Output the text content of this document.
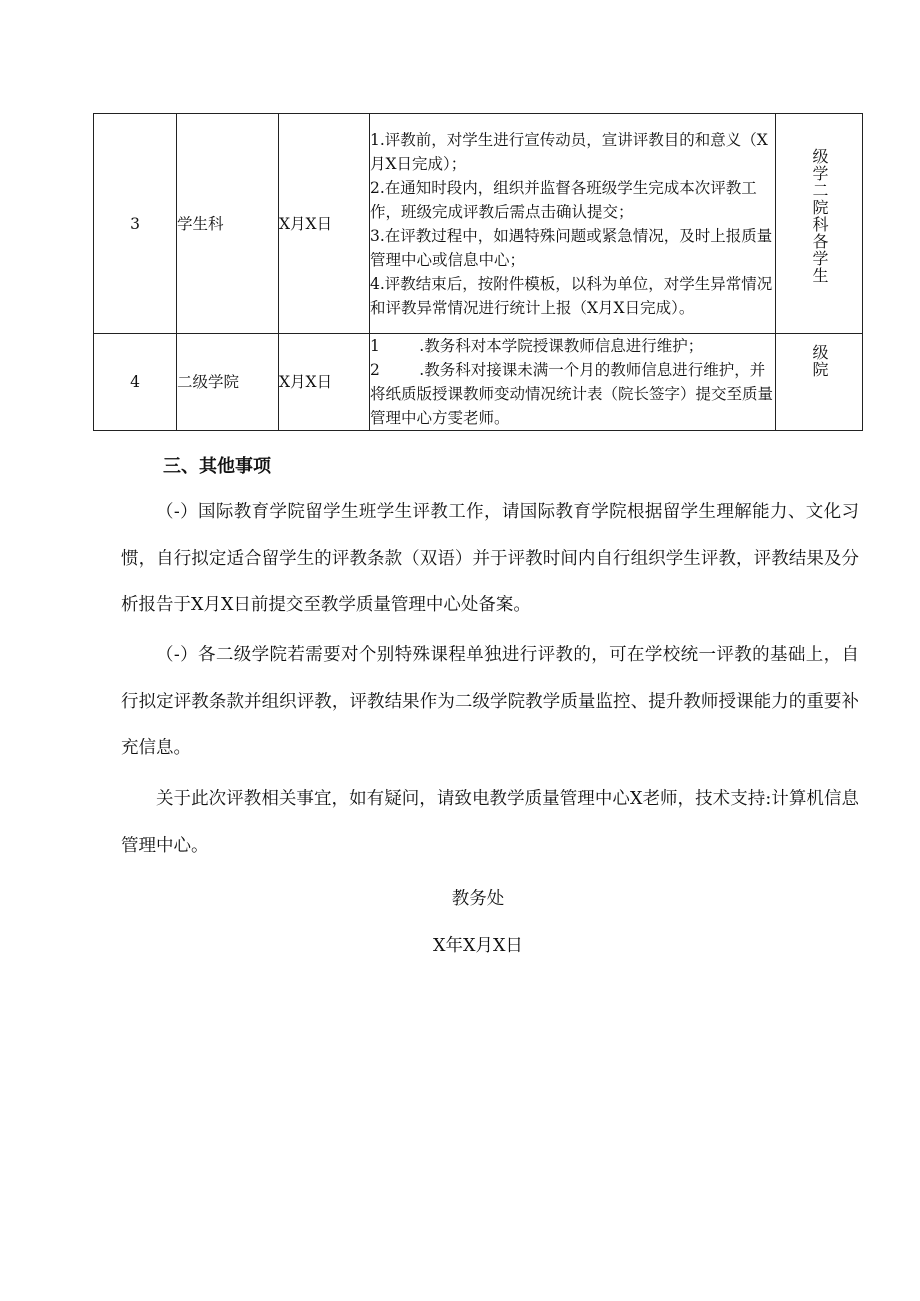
3	学生科	X月X日	1.评教前，对学生进行宣传动员，宣讲评教目的和意义（X月X日完成）；
2.在通知时段内，组织并监督各班级学生完成本次评教工作，班级完成评教后需点击确认提交；
3.在评教过程中，如遇特殊问题或紧急情况，及时上报质量管理中心或信息中心；
4.评教结束后，按附件模板，以科为单位，对学生异常情况和评教异常情况进行统计上报（X月X日完成）。	级学二院科各学生
4	二级学院	X月X日	1        .教务科对本学院授课教师信息进行维护；
2        .教务科对接课未满一个月的教师信息进行维护，并将纸质版授课教师变动情况统计表（院长签字）提交至质量管理中心方雯老师。	级院
三、其他事项

（-）国际教育学院留学生班学生评教工作，请国际教育学院根据留学生理解能力、文化习惯，自行拟定适合留学生的评教条款（双语）并于评教时间内自行组织学生评教，评教结果及分析报告于X月X日前提交至教学质量管理中心处备案。

（-）各二级学院若需要对个别特殊课程单独进行评教的，可在学校统一评教的基础上，自行拟定评教条款并组织评教，评教结果作为二级学院教学质量监控、提升教师授课能力的重要补充信息。

关于此次评教相关事宜，如有疑问，请致电教学质量管理中心X老师，技术支持:计算机信息管理中心。

教务处

X年X月X日
